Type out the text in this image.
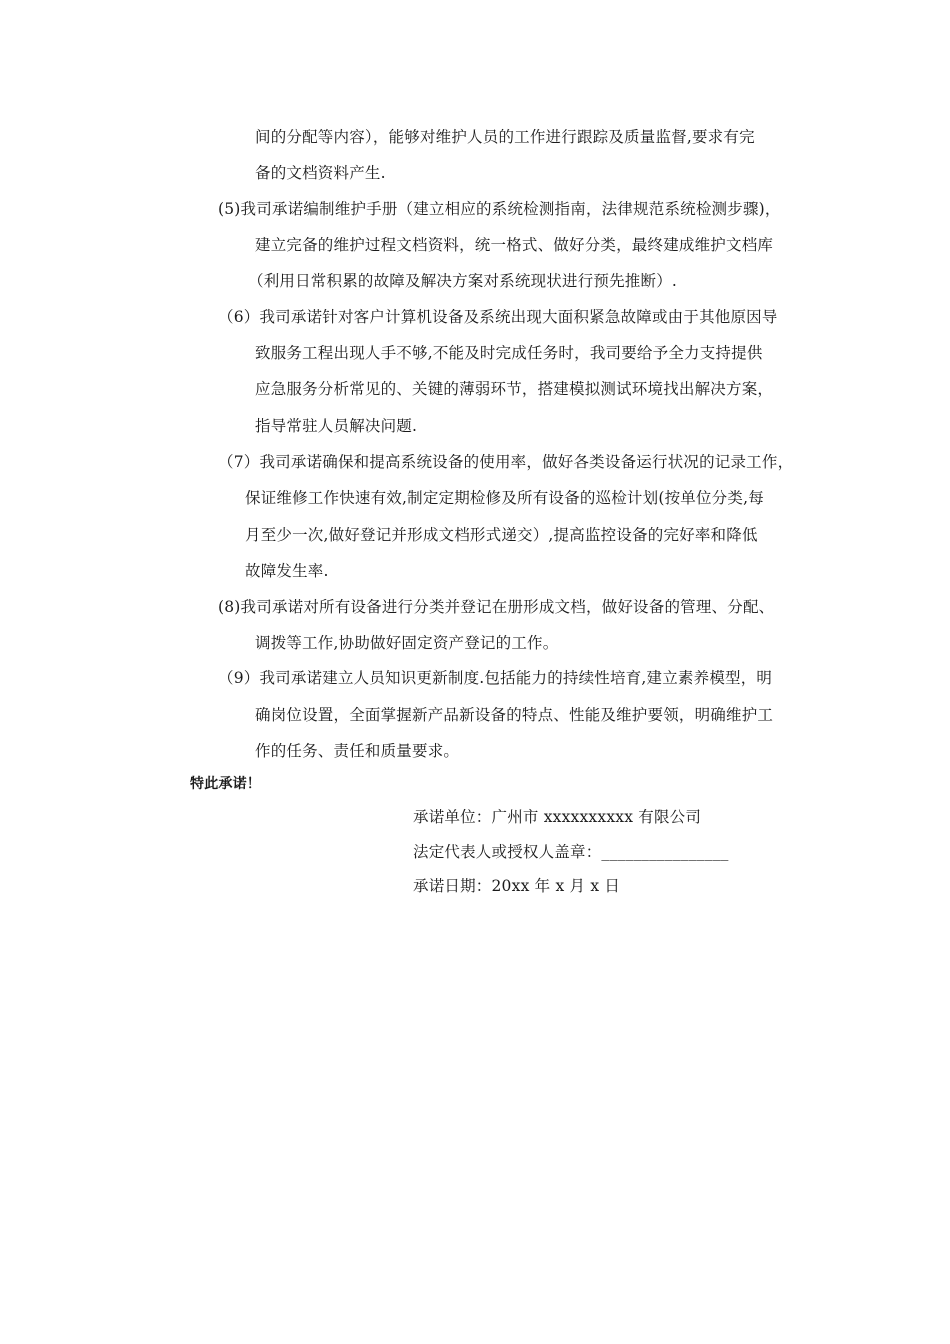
间的分配等内容），能够对维护人员的工作进行跟踪及质量监督,要求有完
备的文档资料产生.
(5)我司承诺编制维护手册（建立相应的系统检测指南，法律规范系统检测步骤)，
建立完备的维护过程文档资料，统一格式、做好分类，最终建成维护文档库
（利用日常积累的故障及解决方案对系统现状进行预先推断）.
（6）我司承诺针对客户计算机设备及系统出现大面积紧急故障或由于其他原因导
致服务工程出现人手不够,不能及时完成任务时，我司要给予全力支持提供
应急服务分析常见的、关键的薄弱环节，搭建模拟测试环境找出解决方案，
指导常驻人员解决问题.
（7）我司承诺确保和提高系统设备的使用率，做好各类设备运行状况的记录工作，
保证维修工作快速有效,制定定期检修及所有设备的巡检计划(按单位分类,每
月至少一次,做好登记并形成文档形式递交）,提高监控设备的完好率和降低
故障发生率.
(8)我司承诺对所有设备进行分类并登记在册形成文档，做好设备的管理、分配、
调拨等工作,协助做好固定资产登记的工作。
（9）我司承诺建立人员知识更新制度.包括能力的持续性培育,建立素养模型，明
确岗位设置，全面掌握新产品新设备的特点、性能及维护要领，明确维护工
作的任务、责任和质量要求。
特此承诺！
承诺单位：广州市 xxxxxxxxxx 有限公司
法定代表人或授权人盖章：________________
承诺日期：20xx 年 x 月 x 日
